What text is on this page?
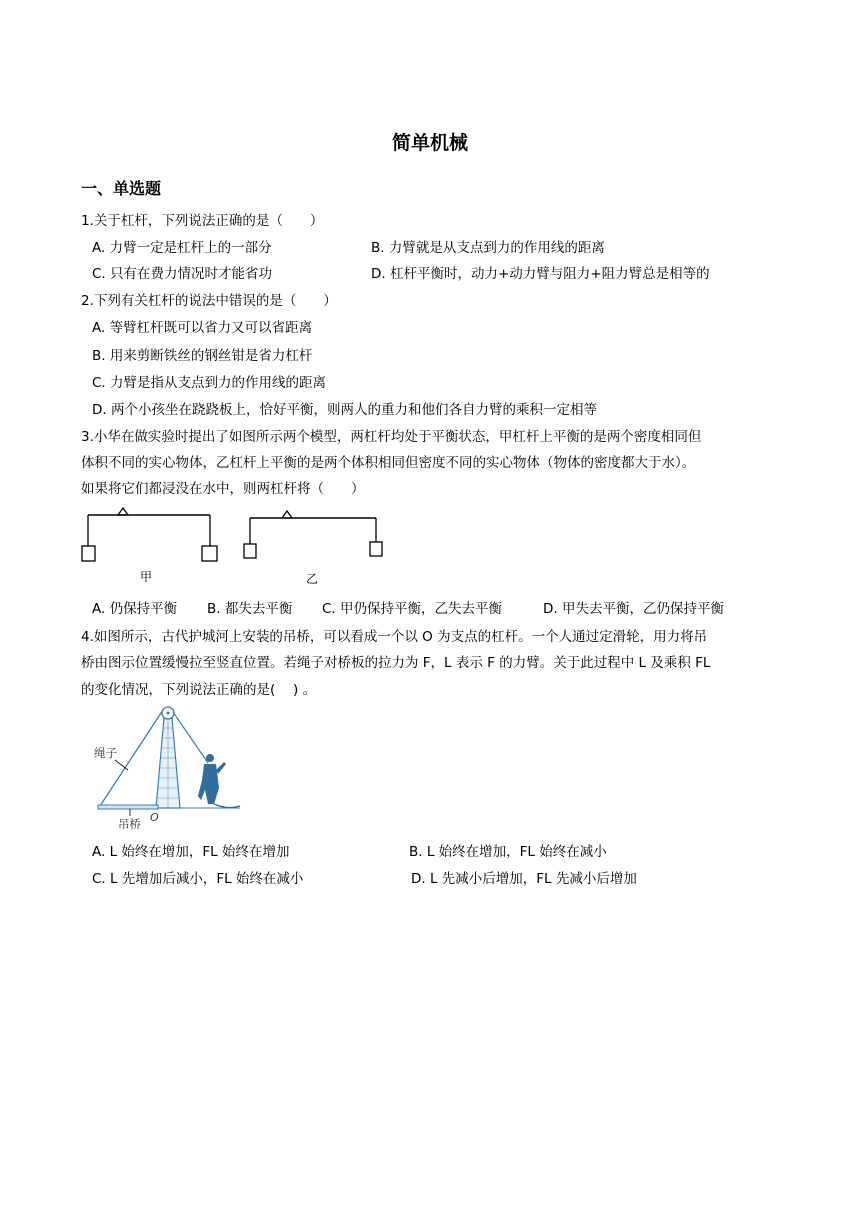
简单机械
一、单选题
1.关于杠杆，下列说法正确的是（　　）
A. 力臂一定是杠杆上的一部分	B. 力臂就是从支点到力的作用线的距离
C. 只有在费力情况时才能省功	D. 杠杆平衡时，动力+动力臂与阻力+阻力臂总是相等的
2.下列有关杠杆的说法中错误的是（　　）
A. 等臂杠杆既可以省力又可以省距离
B. 用来剪断铁丝的钢丝钳是省力杠杆
C. 力臂是指从支点到力的作用线的距离
D. 两个小孩坐在跷跷板上，恰好平衡，则两人的重力和他们各自力臂的乘积一定相等
3.小华在做实验时提出了如图所示两个模型，两杠杆均处于平衡状态，甲杠杆上平衡的是两个密度相同但
体积不同的实心物体，乙杠杆上平衡的是两个体积相同但密度不同的实心物体（物体的密度都大于水）。
如果将它们都浸没在水中，则两杠杆将（　　）
甲	乙
A. 仍保持平衡 B. 都失去平衡 C. 甲仍保持平衡，乙失去平衡	D. 甲失去平衡，乙仍保持平衡
4.如图所示，古代护城河上安装的吊桥，可以看成一个以 O 为支点的杠杆。一个人通过定滑轮，用力将吊
桥由图示位置缓慢拉至竖直位置。若绳子对桥板的拉力为 F，L 表示 F 的力臂。关于此过程中 L 及乘积 FL
的变化情况，下列说法正确的是(　 ) 。
绳子
吊桥 O
A. L 始终在增加，FL 始终在增加	B. L 始终在增加，FL 始终在减小
C. L 先增加后减小，FL 始终在减小	D. L 先减小后增加，FL 先减小后增加
